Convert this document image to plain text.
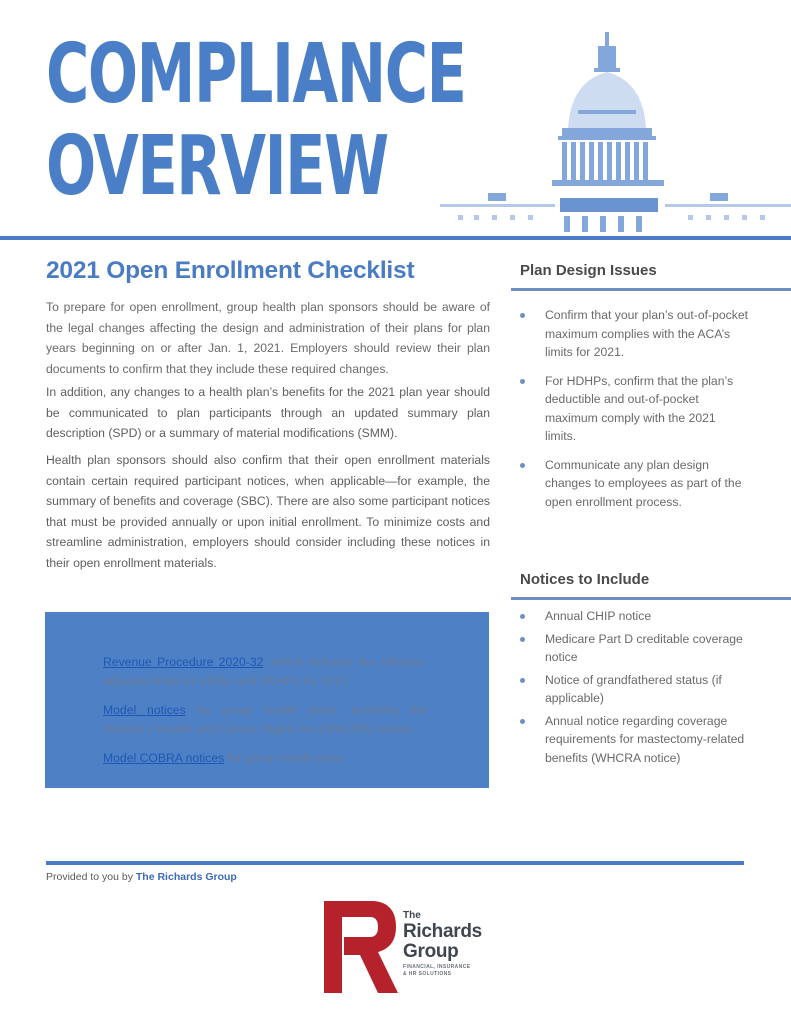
COMPLIANCE
OVERVIEW
2021 Open Enrollment Checklist

To prepare for open enrollment, group health plan sponsors should be aware of the legal changes affecting the design and administration of their plans for plan years beginning on or after Jan. 1, 2021. Employers should review their plan documents to confirm that they include these required changes.

In addition, any changes to a health plan’s benefits for the 2021 plan year should be communicated to plan participants through an updated summary plan description (SPD) or a summary of material modifications (SMM).

Health plan sponsors should also confirm that their open enrollment materials contain certain required participant notices, when applicable—for example, the summary of benefits and coverage (SBC). There are also some participant notices that must be provided annually or upon initial enrollment. To minimize costs and streamline administration, employers should consider including these notices in their open enrollment materials.

Revenue Procedure 2020-32, which includes the inflation-adjusted limits for HSAs and HDHPs for 2021

Model notices for group health plans, including the Women’s Health and Cancer Rights Act (WHCRA) Notice

Model COBRA notices for group health plans

Plan Design Issues
Confirm that your plan’s out-of-pocket maximum complies with the ACA’s limits for 2021.
For HDHPs, confirm that the plan’s deductible and out-of-pocket maximum comply with the 2021 limits.
Communicate any plan design changes to employees as part of the open enrollment process.
Notices to Include
Annual CHIP notice
Medicare Part D creditable coverage notice
Notice of grandfathered status (if applicable)
Annual notice regarding coverage requirements for mastectomy-related benefits (WHCRA notice)
Provided to you by The Richards Group
The
Richards
Group
FINANCIAL, INSURANCE
& HR SOLUTIONS
